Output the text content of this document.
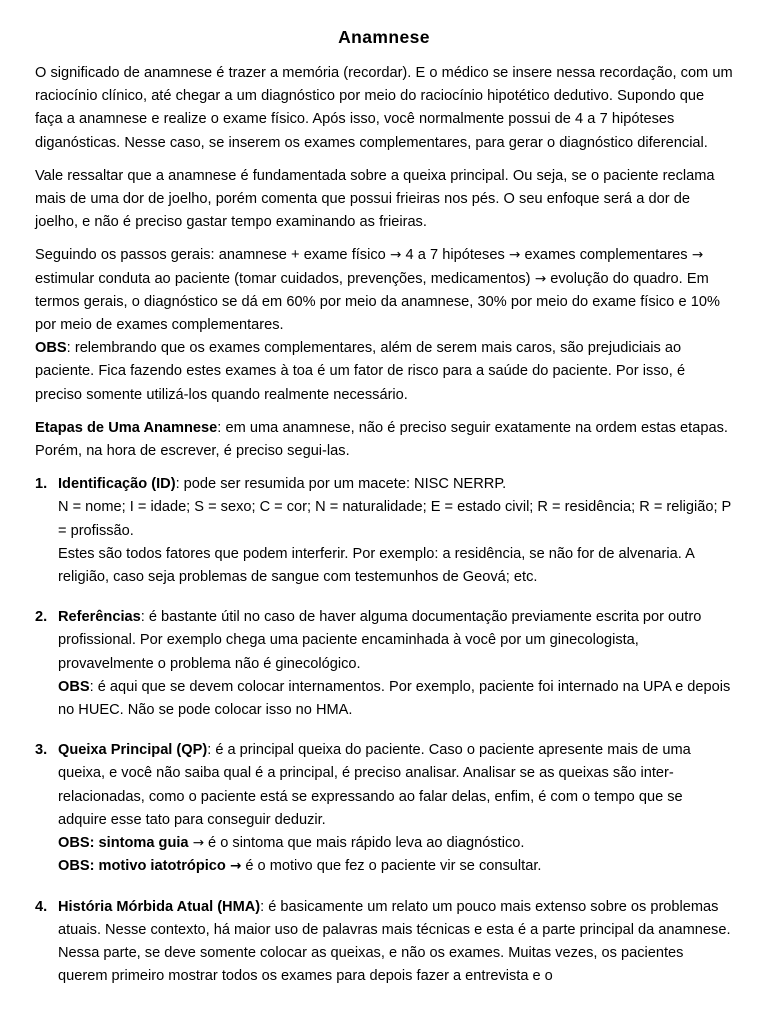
Anamnese

O significado de anamnese é trazer a memória (recordar). E o médico se insere nessa recordação, com um raciocínio clínico, até chegar a um diagnóstico por meio do raciocínio hipotético dedutivo. Supondo que faça a anamnese e realize o exame físico. Após isso, você normalmente possui de 4 a 7 hipóteses diganósticas. Nesse caso, se inserem os exames complementares, para gerar o diagnóstico diferencial.

Vale ressaltar que a anamnese é fundamentada sobre a queixa principal. Ou seja, se o paciente reclama mais de uma dor de joelho, porém comenta que possui frieiras nos pés. O seu enfoque será a dor de joelho, e não é preciso gastar tempo examinando as frieiras.

Seguindo os passos gerais: anamnese + exame físico → 4 a 7 hipóteses → exames complementares → estimular conduta ao paciente (tomar cuidados, prevenções, medicamentos) → evolução do quadro. Em termos gerais, o diagnóstico se dá em 60% por meio da anamnese, 30% por meio do exame físico e 10% por meio de exames complementares.

OBS: relembrando que os exames complementares, além de serem mais caros, são prejudiciais ao paciente. Fica fazendo estes exames à toa é um fator de risco para a saúde do paciente. Por isso, é preciso somente utilizá-los quando realmente necessário.

Etapas de Uma Anamnese: em uma anamnese, não é preciso seguir exatamente na ordem estas etapas. Porém, na hora de escrever, é preciso segui-las.

1. Identificação (ID): pode ser resumida por um macete: NISC NERRP.
N = nome; I = idade; S = sexo; C = cor; N = naturalidade; E = estado civil; R = residência; R = religião; P = profissão.
Estes são todos fatores que podem interferir. Por exemplo: a residência, se não for de alvenaria. A religião, caso seja problemas de sangue com testemunhos de Geová; etc.
2. Referências: é bastante útil no caso de haver alguma documentação previamente escrita por outro profissional. Por exemplo chega uma paciente encaminhada à você por um ginecologista, provavelmente o problema não é ginecológico.
OBS: é aqui que se devem colocar internamentos. Por exemplo, paciente foi internado na UPA e depois no HUEC. Não se pode colocar isso no HMA.
3. Queixa Principal (QP): é a principal queixa do paciente. Caso o paciente apresente mais de uma queixa, e você não saiba qual é a principal, é preciso analisar. Analisar se as queixas são inter-relacionadas, como o paciente está se expressando ao falar delas, enfim, é com o tempo que se adquire esse tato para conseguir deduzir.
OBS: sintoma guia → é o sintoma que mais rápido leva ao diagnóstico.
OBS: motivo iatotrópico → é o motivo que fez o paciente vir se consultar.
4. História Mórbida Atual (HMA): é basicamente um relato um pouco mais extenso sobre os problemas atuais. Nesse contexto, há maior uso de palavras mais técnicas e esta é a parte principal da anamnese. Nessa parte, se deve somente colocar as queixas, e não os exames. Muitas vezes, os pacientes querem primeiro mostrar todos os exames para depois fazer a entrevista e o
